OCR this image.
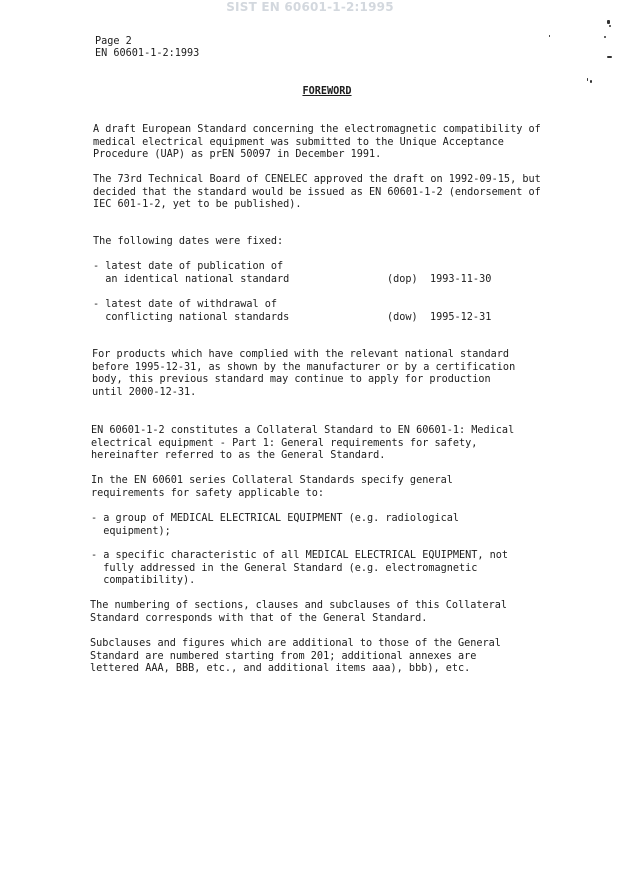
SIST EN 60601-1-2:1995
Page 2
EN 60601-1-2:1993
FOREWORD
A draft European Standard concerning the electromagnetic compatibility of
medical electrical equipment was submitted to the Unique Acceptance
Procedure (UAP) as prEN 50097 in December 1991.
The 73rd Technical Board of CENELEC approved the draft on 1992-09-15, but
decided that the standard would be issued as EN 60601-1-2 (endorsement of
IEC 601-1-2, yet to be published).
The following dates were fixed:
- latest date of publication of
an identical national standard	(dop) 1993-11-30
- latest date of withdrawal of
conflicting national standards	(dow) 1995-12-31
For products which have complied with the relevant national standard
before 1995-12-31, as shown by the manufacturer or by a certification
body, this previous standard may continue to apply for production
until 2000-12-31.
EN 60601-1-2 constitutes a Collateral Standard to EN 60601-1: Medical
electrical equipment - Part 1: General requirements for safety,
hereinafter referred to as the General Standard.
In the EN 60601 series Collateral Standards specify general
requirements for safety applicable to:
- a group of MEDICAL ELECTRICAL EQUIPMENT (e.g. radiological
equipment);
- a specific characteristic of all MEDICAL ELECTRICAL EQUIPMENT, not
fully addressed in the General Standard (e.g. electromagnetic
compatibility).
The numbering of sections, clauses and subclauses of this Collateral
Standard corresponds with that of the General Standard.
Subclauses and figures which are additional to those of the General
Standard are numbered starting from 201; additional annexes are
lettered AAA, BBB, etc., and additional items aaa), bbb), etc.
